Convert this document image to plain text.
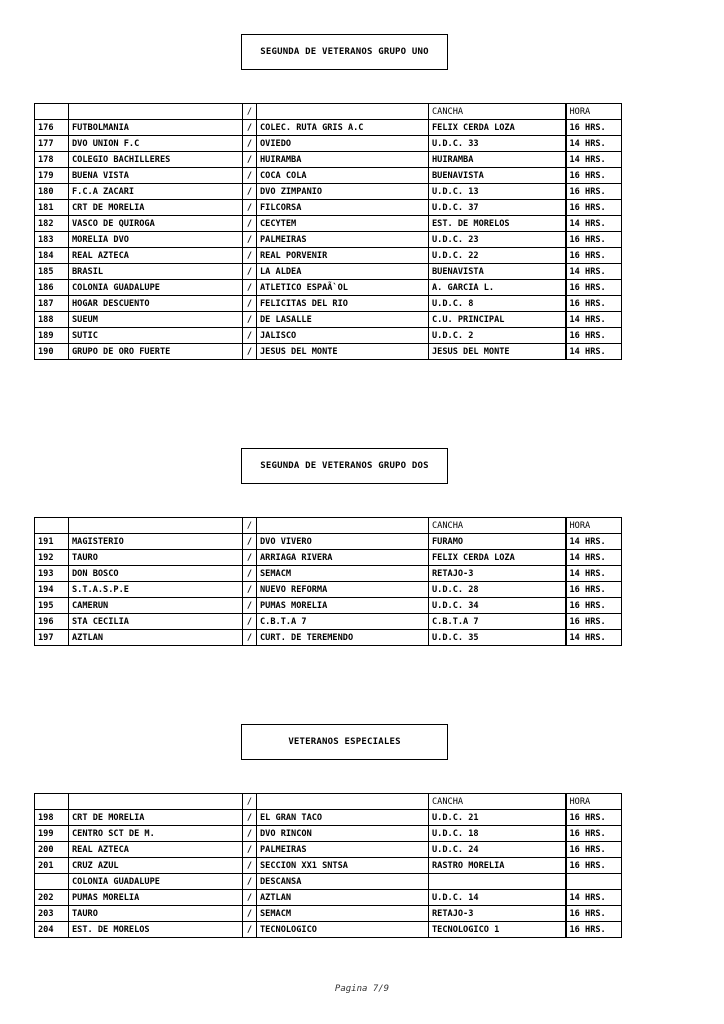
SEGUNDA DE VETERANOS GRUPO UNO
		/		CANCHA	HORA
176	FUTBOLMANIA	/	COLEC. RUTA GRIS A.C	FELIX CERDA LOZA	16 HRS.
177	DVO UNION F.C	/	OVIEDO	U.D.C. 33	14 HRS.
178	COLEGIO BACHILLERES	/	HUIRAMBA	HUIRAMBA	14 HRS.
179	BUENA VISTA	/	COCA COLA	BUENAVISTA	16 HRS.
180	F.C.A ZACARI	/	DVO ZIMPANIO	U.D.C. 13	16 HRS.
181	CRT DE MORELIA	/	FILCORSA	U.D.C. 37	16 HRS.
182	VASCO DE QUIROGA	/	CECYTEM	EST. DE MORELOS	14 HRS.
183	MORELIA DVO	/	PALMEIRAS	U.D.C. 23	16 HRS.
184	REAL AZTECA	/	REAL PORVENIR	U.D.C. 22	16 HRS.
185	BRASIL	/	LA ALDEA	BUENAVISTA	14 HRS.
186	COLONIA GUADALUPE	/	ATLETICO ESPAÃ`OL	A. GARCIA L.	16 HRS.
187	HOGAR DESCUENTO	/	FELICITAS DEL RIO	U.D.C. 8	16 HRS.
188	SUEUM	/	DE LASALLE	C.U. PRINCIPAL	14 HRS.
189	SUTIC	/	JALISCO	U.D.C. 2	16 HRS.
190	GRUPO DE ORO FUERTE	/	JESUS DEL MONTE	JESUS DEL MONTE	14 HRS.
SEGUNDA DE VETERANOS GRUPO DOS
		/		CANCHA	HORA
191	MAGISTERIO	/	DVO VIVERO	FURAMO	14 HRS.
192	TAURO	/	ARRIAGA RIVERA	FELIX CERDA LOZA	14 HRS.
193	DON BOSCO	/	SEMACM	RETAJO-3	14 HRS.
194	S.T.A.S.P.E	/	NUEVO REFORMA	U.D.C. 28	16 HRS.
195	CAMERUN	/	PUMAS MORELIA	U.D.C. 34	16 HRS.
196	STA CECILIA	/	C.B.T.A 7	C.B.T.A 7	16 HRS.
197	AZTLAN	/	CURT. DE TEREMENDO	U.D.C. 35	14 HRS.
VETERANOS ESPECIALES
		/		CANCHA	HORA
198	CRT DE MORELIA	/	EL GRAN TACO	U.D.C. 21	16 HRS.
199	CENTRO SCT DE M.	/	DVO RINCON	U.D.C. 18	16 HRS.
200	REAL AZTECA	/	PALMEIRAS	U.D.C. 24	16 HRS.
201	CRUZ AZUL	/	SECCION XX1 SNTSA	RASTRO MORELIA	16 HRS.
	COLONIA GUADALUPE	/	DESCANSA		
202	PUMAS MORELIA	/	AZTLAN	U.D.C. 14	14 HRS.
203	TAURO	/	SEMACM	RETAJO-3	16 HRS.
204	EST. DE MORELOS	/	TECNOLOGICO	TECNOLOGICO 1	16 HRS.
Pagina 7/9
